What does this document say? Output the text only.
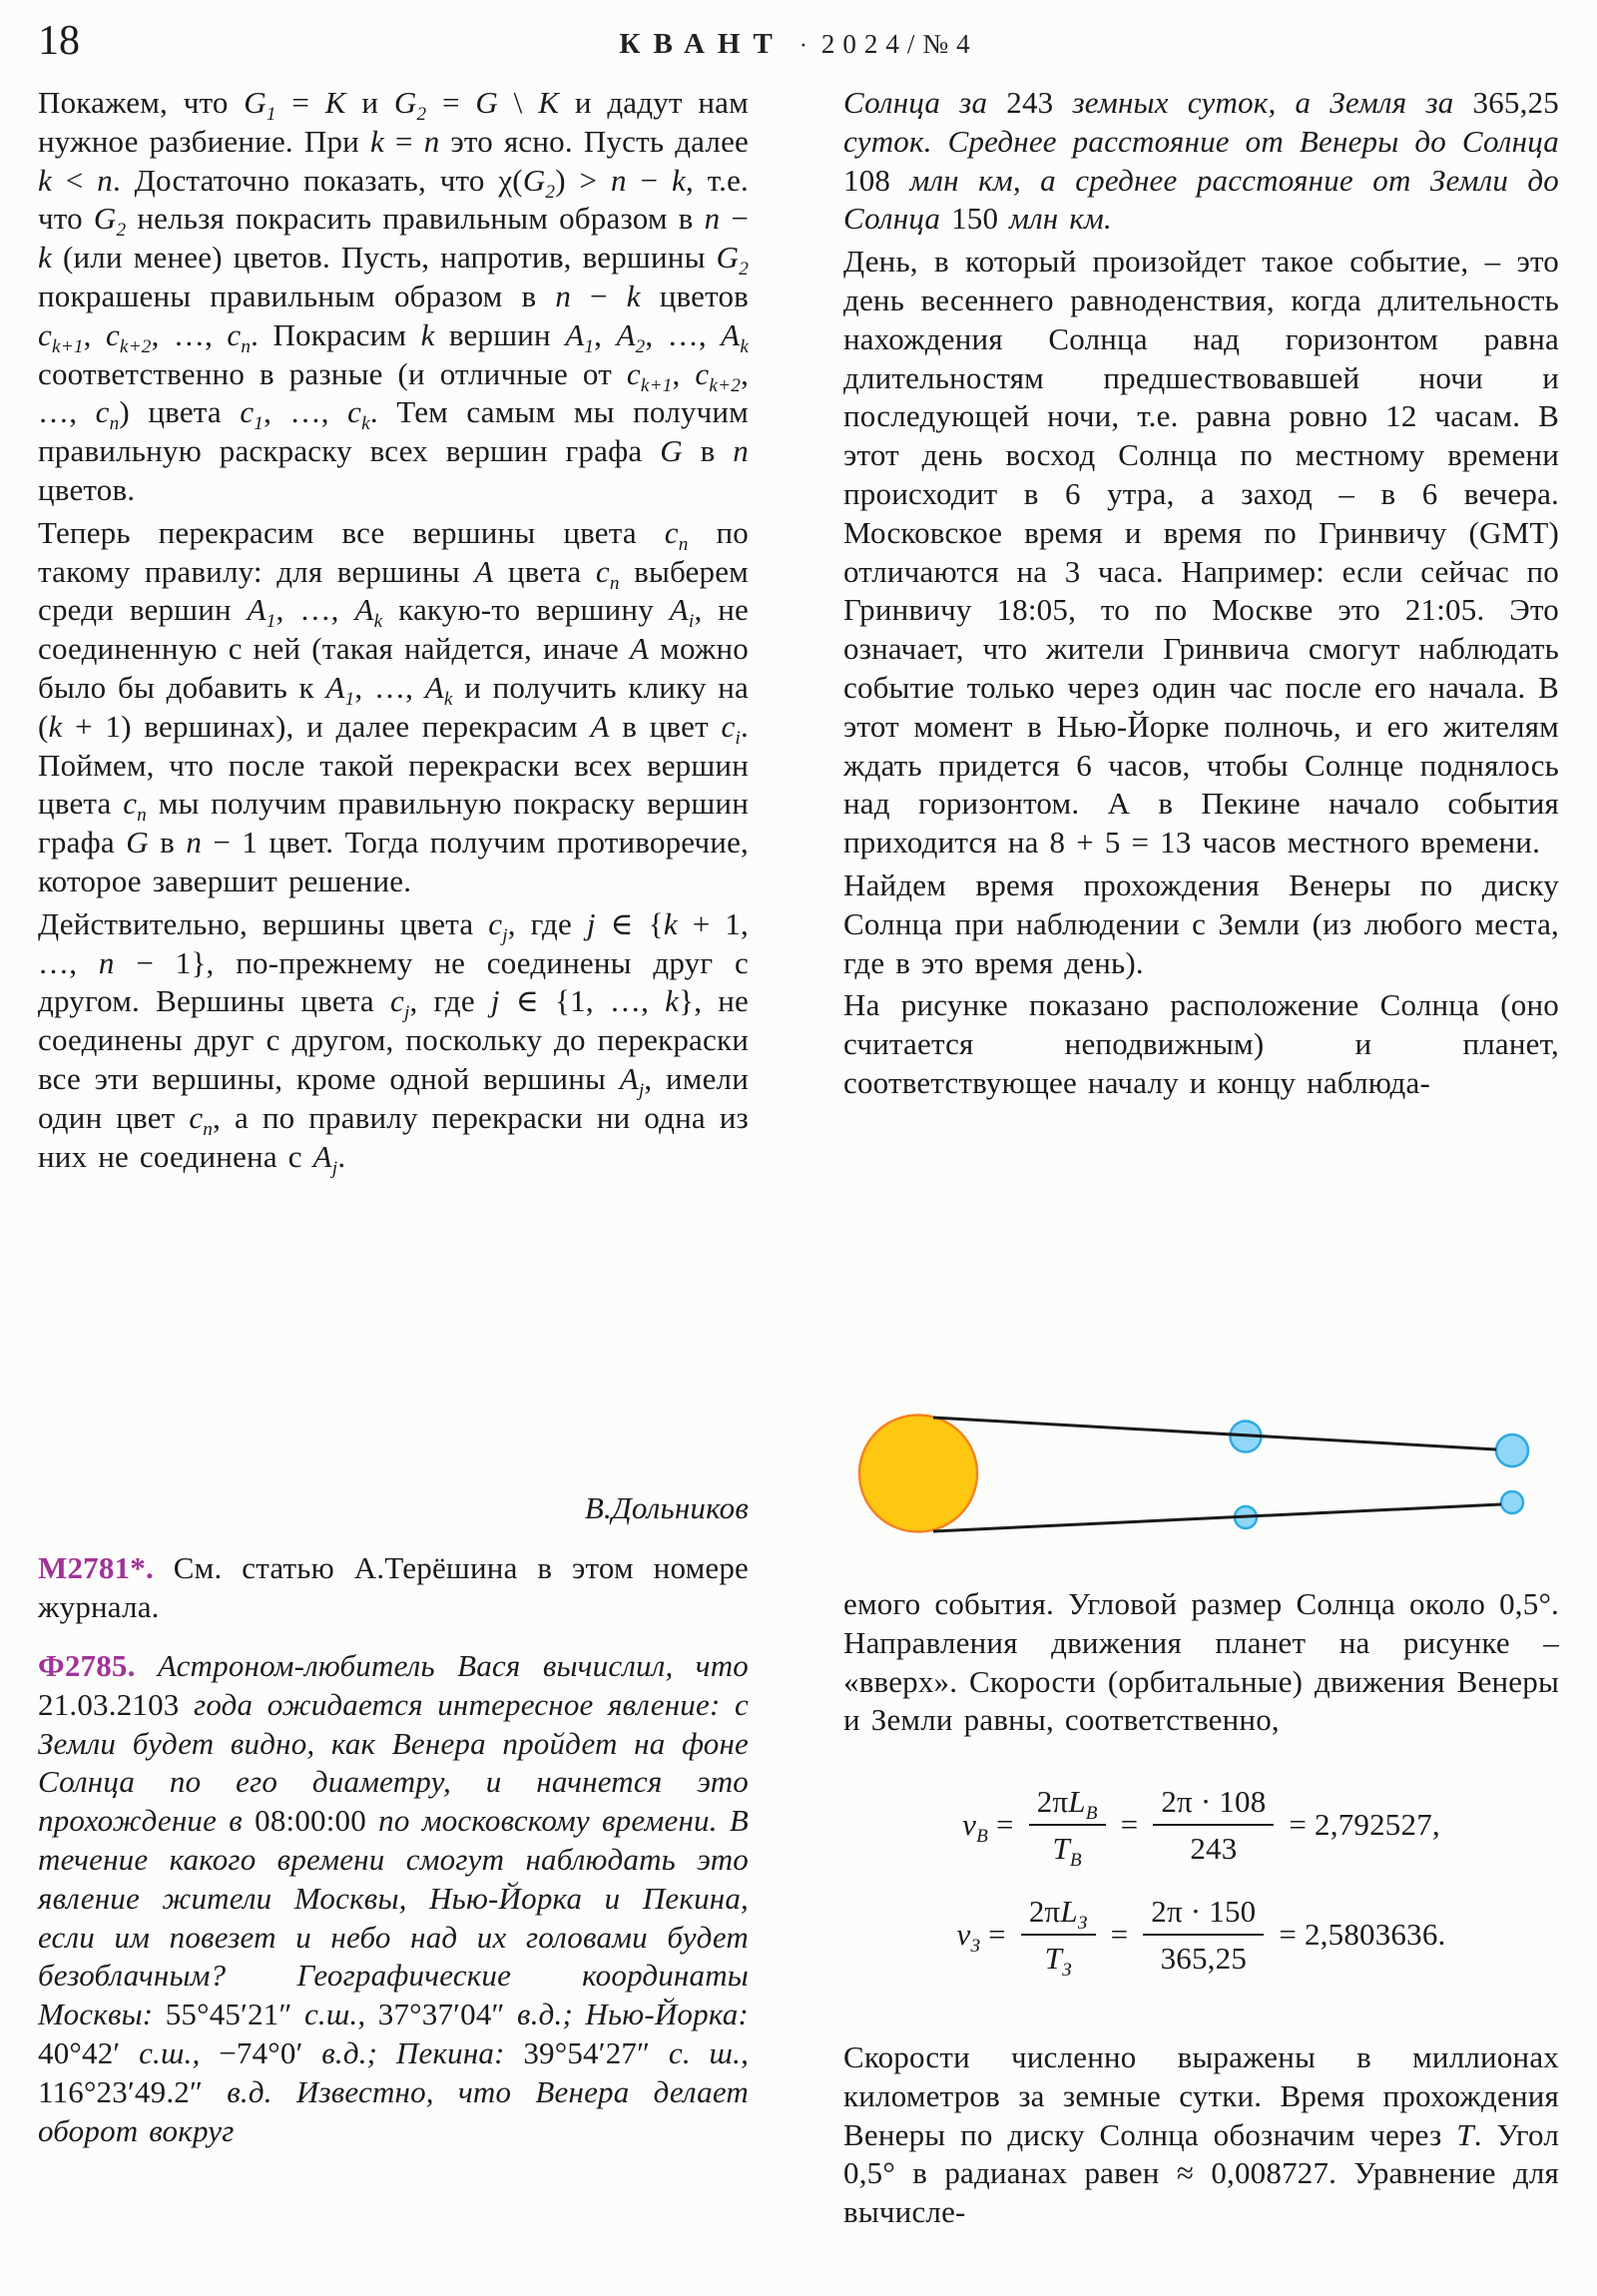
18	КВАНТ · 2024/№4

Покажем, что $G_1 = K$ и $G_2 = G$ \ K и дадут нам нужное разбиение. При k = n это ясно. Пусть далее k < n. Достаточно показать, что $\chi(G_2) > n - k$, т.е. что $G_2$ нельзя покрасить правильным образом в n − k (или менее) цветов. Пусть, напротив, вершины $G_2$ покрашены правильным образом в n − k цветов $c_{k+1}$, $c_{k+2}$, …, $c_n$. Покрасим k вершин $A_1$, $A_2$, …, $A_k$ соответственно в разные (и отличные от $c_{k+1}$, $c_{k+2}$, …, $c_n$) цвета $c_1$, …, $c_k$. Тем самым мы получим правильную раскраску всех вершин графа G в n цветов.

Теперь перекрасим все вершины цвета $c_n$ по такому правилу: для вершины A цвета $c_n$ выберем среди вершин $A_1$, …, $A_k$ какую-то вершину $A_i$, не соединенную с ней (такая найдется, иначе A можно было бы добавить к $A_1$, …, $A_k$ и получить клику на (k + 1) вершинах), и далее перекрасим A в цвет $c_i$. Поймем, что после такой перекраски всех вершин цвета $c_n$ мы получим правильную покраску вершин графа G в n − 1 цвет. Тогда получим противоречие, которое завершит решение.

Действительно, вершины цвета $c_j$, где j ∈ {k + 1, …, n − 1}, по-прежнему не соединены друг с другом. Вершины цвета $c_j$, где j ∈ {1, …, k}, не соединены друг с другом, поскольку до перекраски все эти вершины, кроме одной вершины $A_j$, имели один цвет $c_n$, а по правилу перекраски ни одна из них не соединена с $A_j$.

В.Дольников

М2781*. См. статью А.Терёшина в этом номере журнала.

Ф2785. Астроном-любитель Вася вычислил, что 21.03.2103 года ожидается интересное явление: с Земли будет видно, как Венера пройдет на фоне Солнца по его диаметру, и начнется это прохождение в 08:00:00 по московскому времени. В течение какого времени смогут наблюдать это явление жители Москвы, Нью-Йорка и Пекина, если им повезет и небо над их головами будет безоблачным? Географические координаты Москвы: 55°45′21″ с.ш., 37°37′04″ в.д.; Нью-Йорка: 40°42′ с.ш., −74°0′ в.д.; Пекина: 39°54′27″ с. ш., 116°23′49.2″ в.д. Известно, что Венера делает оборот вокруг

Солнца за 243 земных суток, а Земля за 365,25 суток. Среднее расстояние от Венеры до Солнца 108 млн км, а среднее расстояние от Земли до Солнца 150 млн км.

День, в который произойдет такое событие, – это день весеннего равноденствия, когда длительность нахождения Солнца над горизонтом равна длительностям предшествовавшей ночи и последующей ночи, т.е. равна ровно 12 часам. В этот день восход Солнца по местному времени происходит в 6 утра, а заход – в 6 вечера. Московское время и время по Гринвичу (GMT) отличаются на 3 часа. Например: если сейчас по Гринвичу 18:05, то по Москве это 21:05. Это означает, что жители Гринвича смогут наблюдать событие только через один час после его начала. В этот момент в Нью-Йорке полночь, и его жителям ждать придется 6 часов, чтобы Солнце поднялось над горизонтом. А в Пекине начало события приходится на 8 + 5 = 13 часов местного времени.

Найдем время прохождения Венеры по диску Солнца при наблюдении с Земли (из любого места, где в это время день).

На рисунке показано расположение Солнца (оно считается неподвижным) и планет, соответствующее началу и концу наблюда-

емого события. Угловой размер Солнца около 0,5°. Направления движения планет на рисунке – «вверх». Скорости (орбитальные) движения Венеры и Земли равны, соответственно,

$v_В = \frac{2\pi L_В}{T_В} = \frac{2\pi \cdot 108}{243} = 2,792527$,
$v_З = \frac{2\pi L_З}{T_З} = \frac{2\pi \cdot 150}{365,25} = 2,5803636$.

Скорости численно выражены в миллионах километров за земные сутки. Время прохождения Венеры по диску Солнца обозначим через T. Угол 0,5° в радианах равен ≈ 0,008727. Уравнение для вычисле-
